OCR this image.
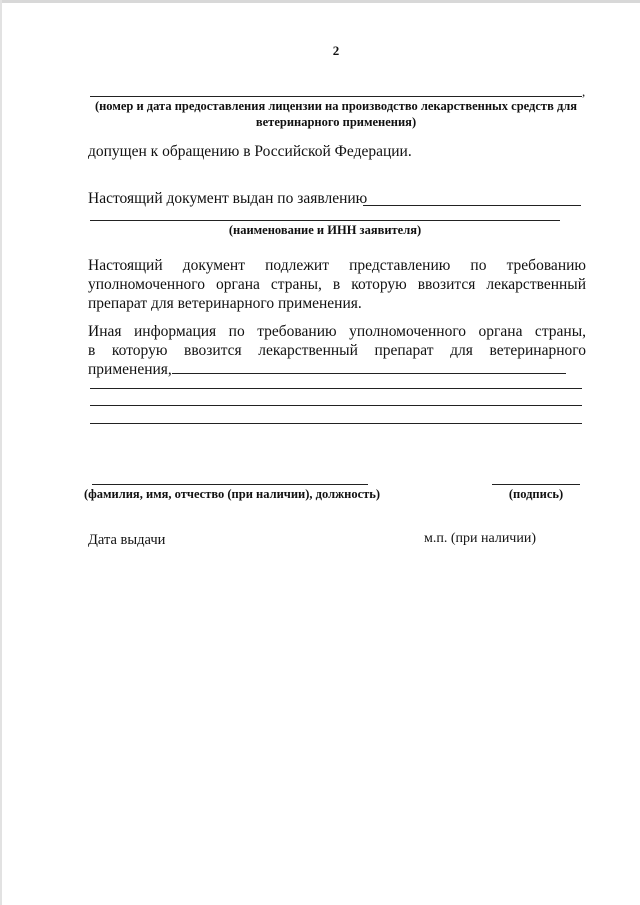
2
,
(номер и дата предоставления лицензии на производство лекарственных средств для
ветеринарного применения)
допущен к обращению в Российской Федерации.
Настоящий документ выдан по заявлению
(наименование и ИНН заявителя)
Настоящий документ подлежит представлению по требованию
уполномоченного органа страны, в которую ввозится лекарственный
препарат для ветеринарного применения.
Иная информация по требованию уполномоченного органа страны,
в которую ввозится лекарственный препарат для ветеринарного
применения,
(фамилия, имя, отчество (при наличии), должность)	(подпись)
Дата выдачи	м.п. (при наличии)
